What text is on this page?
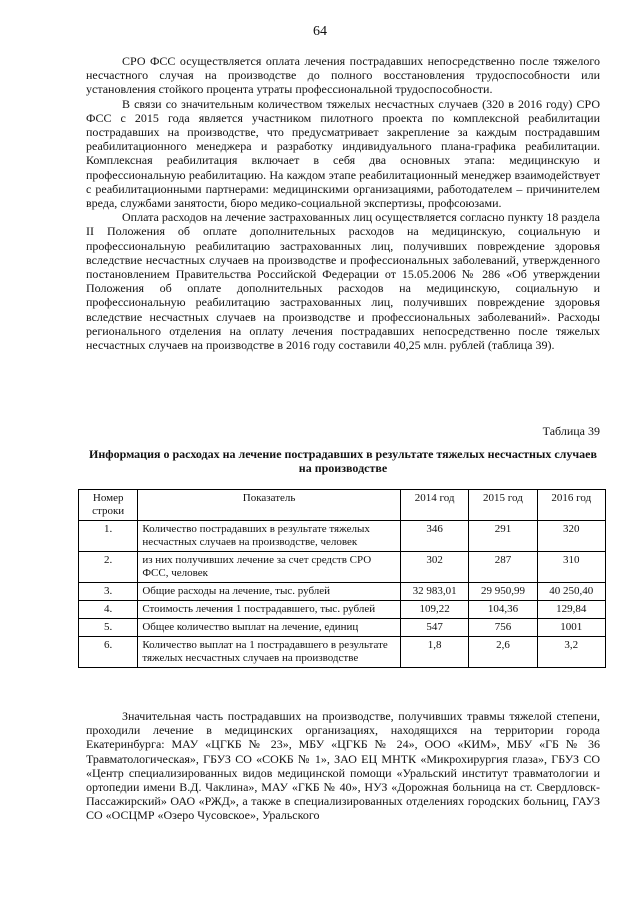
64

СРО ФСС осуществляется оплата лечения пострадавших непосредственно после тяжелого несчастного случая на производстве до полного восстановления трудоспособности или установления стойкого процента утраты профессиональной трудоспособности.

В связи со значительным количеством тяжелых несчастных случаев (320 в 2016 году) СРО ФСС с 2015 года является участником пилотного проекта по комплексной реабилитации пострадавших на производстве, что предусматривает закрепление за каждым пострадавшим реабилитационного менеджера и разработку индивидуального плана-графика реабилитации. Комплексная реабилитация включает в себя два основных этапа: медицинскую и профессиональную реабилитацию. На каждом этапе реабилитационный менеджер взаимодействует с реабилитационными партнерами: медицинскими организациями, работодателем – причинителем вреда, службами занятости, бюро медико-социальной экспертизы, профсоюзами.

Оплата расходов на лечение застрахованных лиц осуществляется согласно пункту 18 раздела II Положения об оплате дополнительных расходов на медицинскую, социальную и профессиональную реабилитацию застрахованных лиц, получивших повреждение здоровья вследствие несчастных случаев на производстве и профессиональных заболеваний, утвержденного постановлением Правительства Российской Федерации от 15.05.2006 № 286 «Об утверждении Положения об оплате дополнительных расходов на медицинскую, социальную и профессиональную реабилитацию застрахованных лиц, получивших повреждение здоровья вследствие несчастных случаев на производстве и профессиональных заболеваний». Расходы регионального отделения на оплату лечения пострадавших непосредственно после тяжелых несчастных случаев на производстве в 2016 году составили 40,25 млн. рублей (таблица 39).

Таблица 39
Информация о расходах на лечение пострадавших в результате тяжелых несчастных случаев на производстве
Номер строки	Показатель	2014 год	2015 год	2016 год
1.	Количество пострадавших в результате тяжелых несчастных случаев на производстве, человек	346	291	320
2.	из них получивших лечение за счет средств СРО ФСС, человек	302	287	310
3.	Общие расходы на лечение, тыс. рублей	32 983,01	29 950,99	40 250,40
4.	Стоимость лечения 1 пострадавшего, тыс. рублей	109,22	104,36	129,84
5.	Общее количество выплат на лечение, единиц	547	756	1001
6.	Количество выплат на 1 пострадавшего в результате тяжелых несчастных случаев на производстве	1,8	2,6	3,2

Значительная часть пострадавших на производстве, получивших травмы тяжелой степени, проходили лечение в медицинских организациях, находящихся на территории города Екатеринбурга: МАУ «ЦГКБ № 23», МБУ «ЦГКБ № 24», ООО «КИМ», МБУ «ГБ № 36 Травматологическая», ГБУЗ СО «СОКБ № 1», ЗАО ЕЦ МНТК «Микрохирургия глаза», ГБУЗ СО «Центр специализированных видов медицинской помощи «Уральский институт травматологии и ортопедии имени В.Д. Чаклина», МАУ «ГКБ № 40», НУЗ «Дорожная больница на ст. Свердловск-Пассажирский» ОАО «РЖД», а также в специализированных отделениях городских больниц, ГАУЗ СО «ОСЦМР «Озеро Чусовское», Уральского
